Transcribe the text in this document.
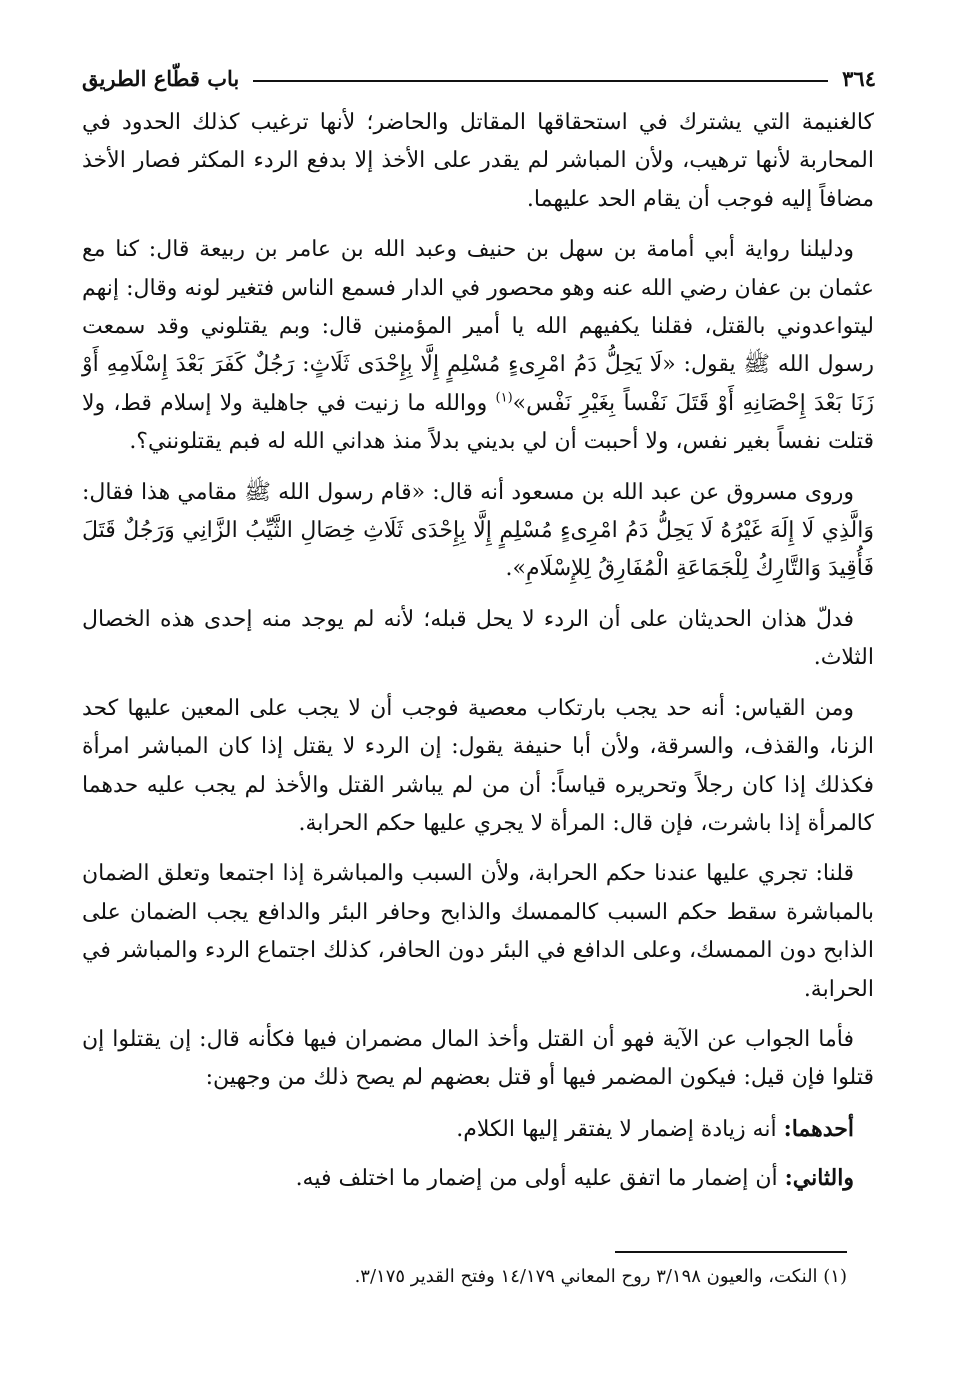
٣٦٤
باب قطّاع الطريق

كالغنيمة التي يشترك في استحقاقها المقاتل والحاضر؛ لأنها ترغيب كذلك الحدود في المحاربة لأنها ترهيب، ولأن المباشر لم يقدر على الأخذ إلا بدفع الردء المكثر فصار الأخذ مضافاً إليه فوجب أن يقام الحد عليهما.

ودليلنا رواية أبي أمامة بن سهل بن حنيف وعبد الله بن عامر بن ربيعة قال: كنا مع عثمان بن عفان رضي الله عنه وهو محصور في الدار فسمع الناس فتغير لونه وقال: إنهم ليتواعدوني بالقتل، فقلنا يكفيهم الله يا أمير المؤمنين قال: وبم يقتلوني وقد سمعت رسول الله ﷺ يقول: «لَا يَحِلُّ دَمُ امْرِىءٍ مُسْلِمٍ إِلَّا بِإِحْدَى ثَلَاثٍ: رَجُلٌ كَفَرَ بَعْدَ إِسْلَامِهِ أَوْ زَنَا بَعْدَ إِحْصَانِهِ أَوْ قَتَلَ نَفْساً بِغَيْرِ نَفْس»$^{(١)}$ ووالله ما زنيت في جاهلية ولا إسلام قط، ولا قتلت نفساً بغير نفس، ولا أحببت أن لي بديني بدلاً منذ هداني الله له فبم يقتلونني؟.

وروى مسروق عن عبد الله بن مسعود أنه قال: «قام رسول الله ﷺ مقامي هذا فقال: وَالَّذِي لَا إِلَهَ غَيْرُهُ لَا يَحِلُّ دَمُ امْرِىءٍ مُسْلِمٍ إِلَّا بِإِحْدَى ثَلَاثِ خِصَالِ الثَّيِّبُ الزَّانِي وَرَجُلٌ قَتَلَ فَأُقِيدَ وَالتَّارِكُ لِلْجَمَاعَةِ الْمُفَارِقُ لِلإِسْلَامِ».

فدلّ هذان الحديثان على أن الردء لا يحل قبله؛ لأنه لم يوجد منه إحدى هذه الخصال الثلاث.

ومن القياس: أنه حد يجب بارتكاب معصية فوجب أن لا يجب على المعين عليها كحد الزنا، والقذف، والسرقة، ولأن أبا حنيفة يقول: إن الردء لا يقتل إذا كان المباشر امرأة فكذلك إذا كان رجلاً وتحريره قياساً: أن من لم يباشر القتل والأخذ لم يجب عليه حدهما كالمرأة إذا باشرت، فإن قال: المرأة لا يجري عليها حكم الحرابة.

قلنا: تجري عليها عندنا حكم الحرابة، ولأن السبب والمباشرة إذا اجتمعا وتعلق الضمان بالمباشرة سقط حكم السبب كالممسك والذابح وحافر البئر والدافع يجب الضمان على الذابح دون الممسك، وعلى الدافع في البئر دون الحافر، كذلك اجتماع الردء والمباشر في الحرابة.

فأما الجواب عن الآية فهو أن القتل وأخذ المال مضمران فيها فكأنه قال: إن يقتلوا إن قتلوا فإن قيل: فيكون المضمر فيها أو قتل بعضهم لم يصح ذلك من وجهين:

أحدهما: أنه زيادة إضمار لا يفتقر إليها الكلام.

والثاني: أن إضمار ما اتفق عليه أولى من إضمار ما اختلف فيه.

(١) النكت، والعيون ٣/١٩٨ روح المعاني ١٤/١٧٩ وفتح القدير ٣/١٧٥.
